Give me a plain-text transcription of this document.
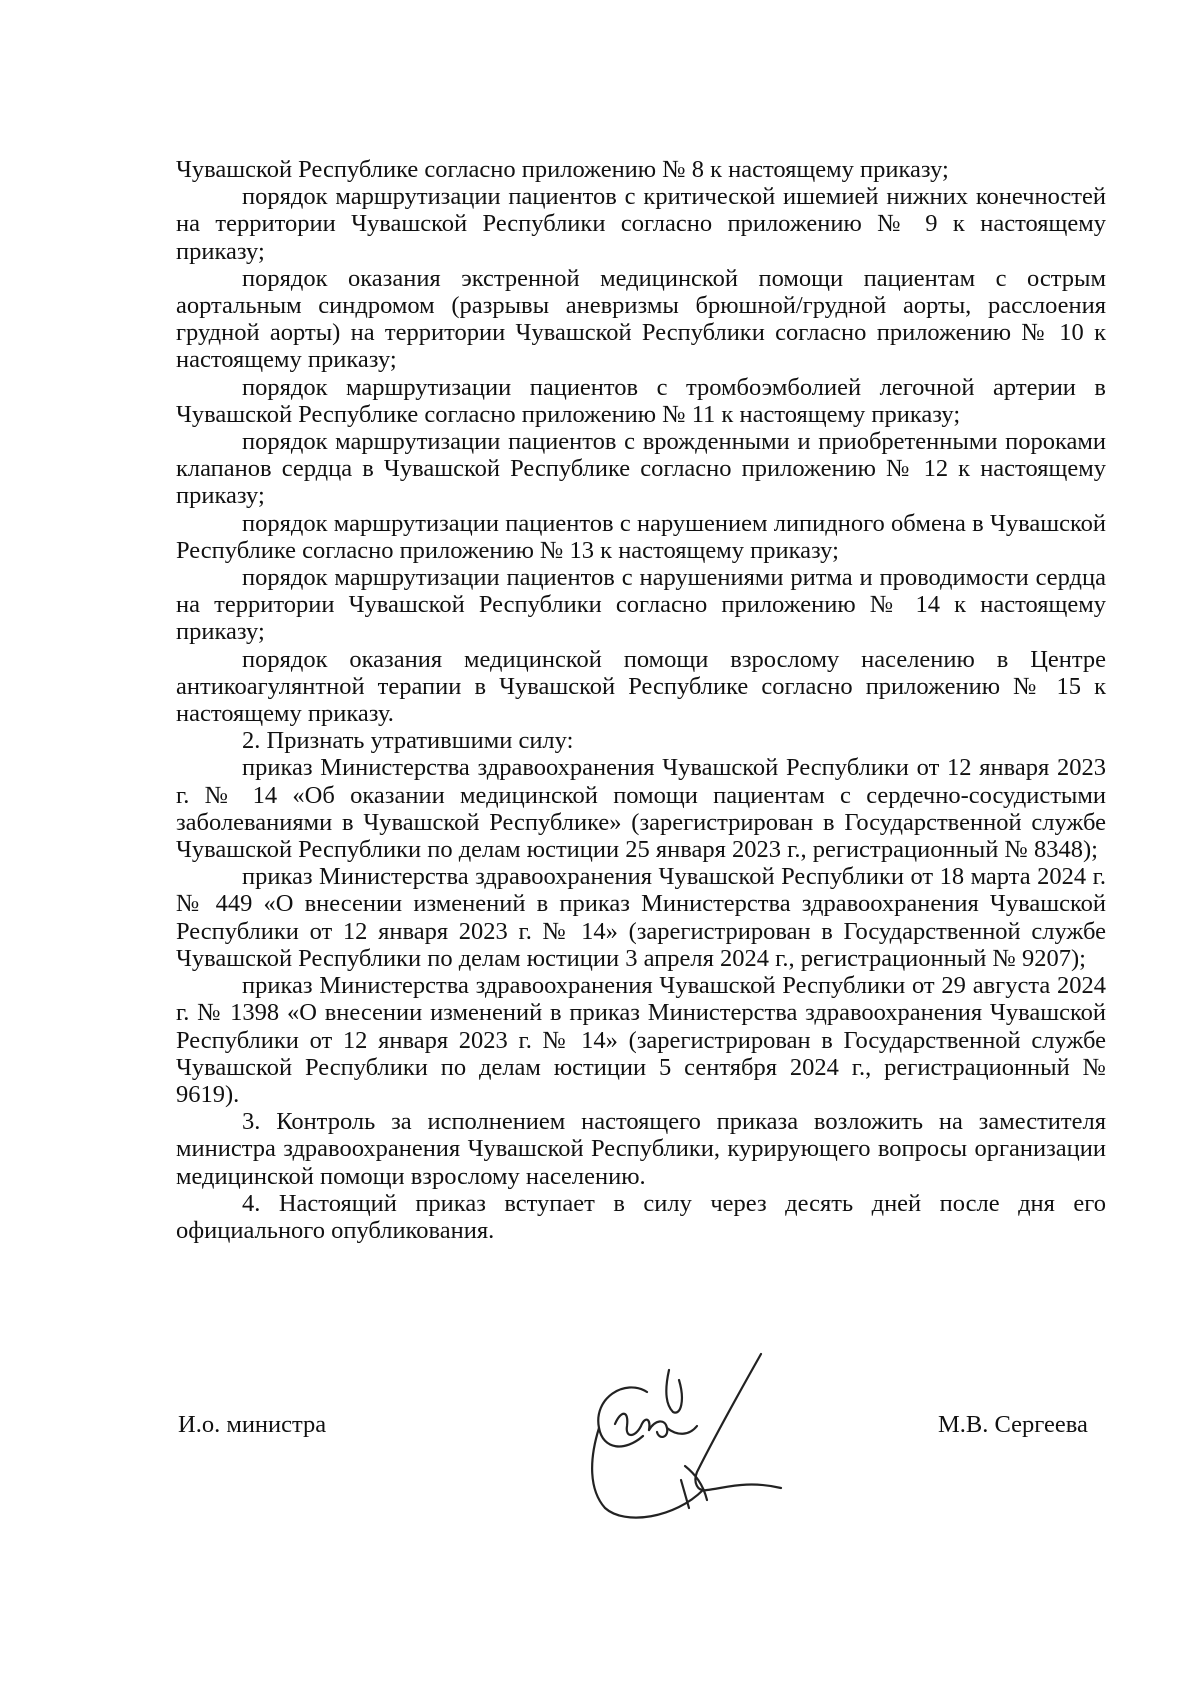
Чувашской Республике согласно приложению № 8 к настоящему приказу;

порядок маршрутизации пациентов с критической ишемией нижних конечностей на территории Чувашской Республики согласно приложению № 9 к настоящему приказу;

порядок оказания экстренной медицинской помощи пациентам с острым аортальным синдромом (разрывы аневризмы брюшной/грудной аорты, расслоения грудной аорты) на территории Чувашской Республики согласно приложению № 10 к настоящему приказу;

порядок маршрутизации пациентов с тромбоэмболией легочной артерии в Чувашской Республике согласно приложению № 11 к настоящему приказу;

порядок маршрутизации пациентов с врожденными и приобретенными пороками клапанов сердца в Чувашской Республике согласно приложению № 12 к настоящему приказу;

порядок маршрутизации пациентов с нарушением липидного обмена в Чувашской Республике согласно приложению № 13 к настоящему приказу;

порядок маршрутизации пациентов с нарушениями ритма и проводимости сердца на территории Чувашской Республики согласно приложению № 14 к настоящему приказу;

порядок оказания медицинской помощи взрослому населению в Центре антикоагулянтной терапии в Чувашской Республике согласно приложению № 15 к настоящему приказу.

2. Признать утратившими силу:

приказ Министерства здравоохранения Чувашской Республики от 12 января 2023 г. № 14 «Об оказании медицинской помощи пациентам с сердечно-сосудистыми заболеваниями в Чувашской Республике» (зарегистрирован в Государственной службе Чувашской Республики по делам юстиции 25 января 2023 г., регистрационный № 8348);

приказ Министерства здравоохранения Чувашской Республики от 18 марта 2024 г. № 449 «О внесении изменений в приказ Министерства здравоохранения Чувашской Республики от 12 января 2023 г. № 14» (зарегистрирован в Государственной службе Чувашской Республики по делам юстиции 3 апреля 2024 г., регистрационный № 9207);

приказ Министерства здравоохранения Чувашской Республики от 29 августа 2024 г. № 1398 «О внесении изменений в приказ Министерства здравоохранения Чувашской Республики от 12 января 2023 г. № 14» (зарегистрирован в Государственной службе Чувашской Республики по делам юстиции 5 сентября 2024 г., регистрационный № 9619).

3. Контроль за исполнением настоящего приказа возложить на заместителя министра здравоохранения Чувашской Республики, курирующего вопросы организации медицинской помощи взрослому населению.

4. Настоящий приказ вступает в силу через десять дней после дня его официального опубликования.

И.о. министра	М.В. Сергеева
